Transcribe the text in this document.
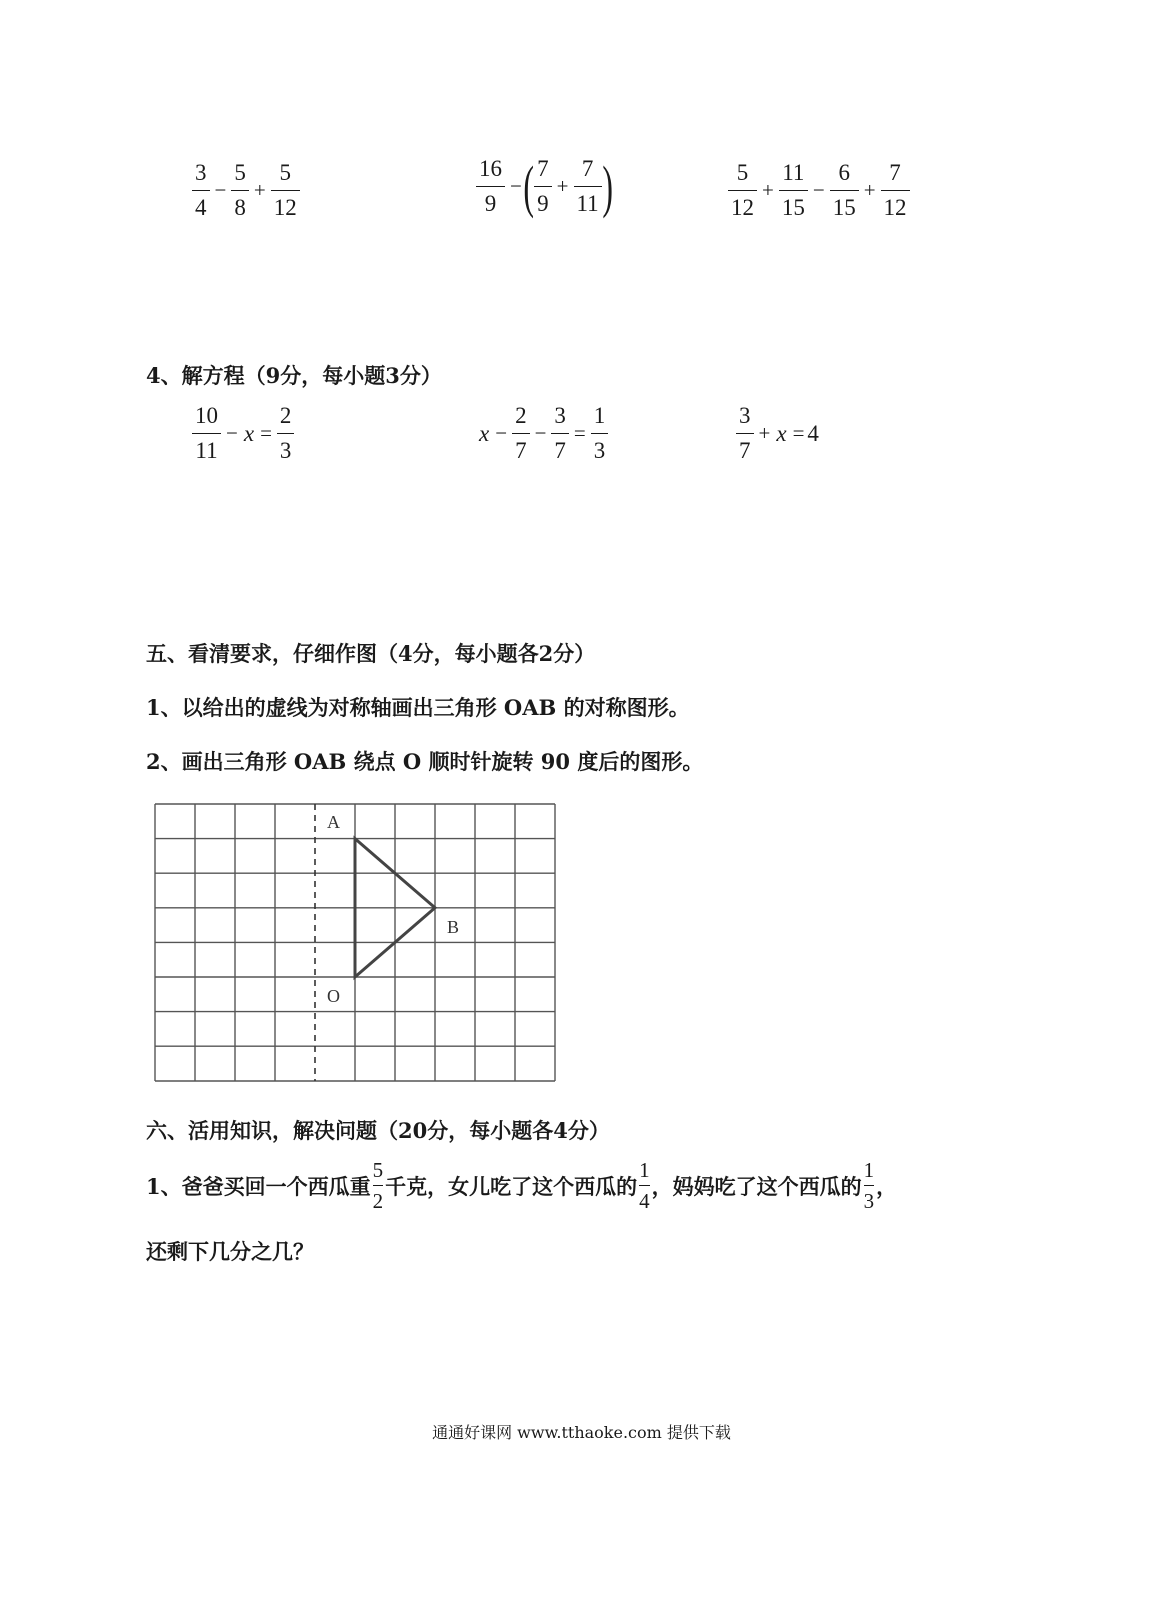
$\frac{3}{4} - \frac{5}{8} + \frac{5}{12}$	$\frac{16}{9}$ − ( $\frac{7}{9} + \frac{7}{11}$ )	$\frac{5}{12} + \frac{11}{15} - \frac{6}{15} + \frac{7}{12}$
4、解方程（9分，每小题3分）
$\frac{10}{11} - x = \frac{2}{3}$	$x - \frac{2}{7} - \frac{3}{7} = \frac{1}{3}$	$\frac{3}{7} + x = 4$
五、看清要求，仔细作图（4分，每小题各2分）
1、以给出的虚线为对称轴画出三角形 OAB 的对称图形。
2、画出三角形 OAB 绕点 O 顺时针旋转 90 度后的图形。
A
B
O
六、活用知识，解决问题（20分，每小题各4分）
1、爸爸买回一个西瓜重 $\frac{5}{2}$ 千克，女儿吃了这个西瓜的 $\frac{1}{4}$ ，妈妈吃了这个西瓜的 $\frac{1}{3}$ ，
还剩下几分之几？
通通好课网 www.tthaoke.com 提供下载
